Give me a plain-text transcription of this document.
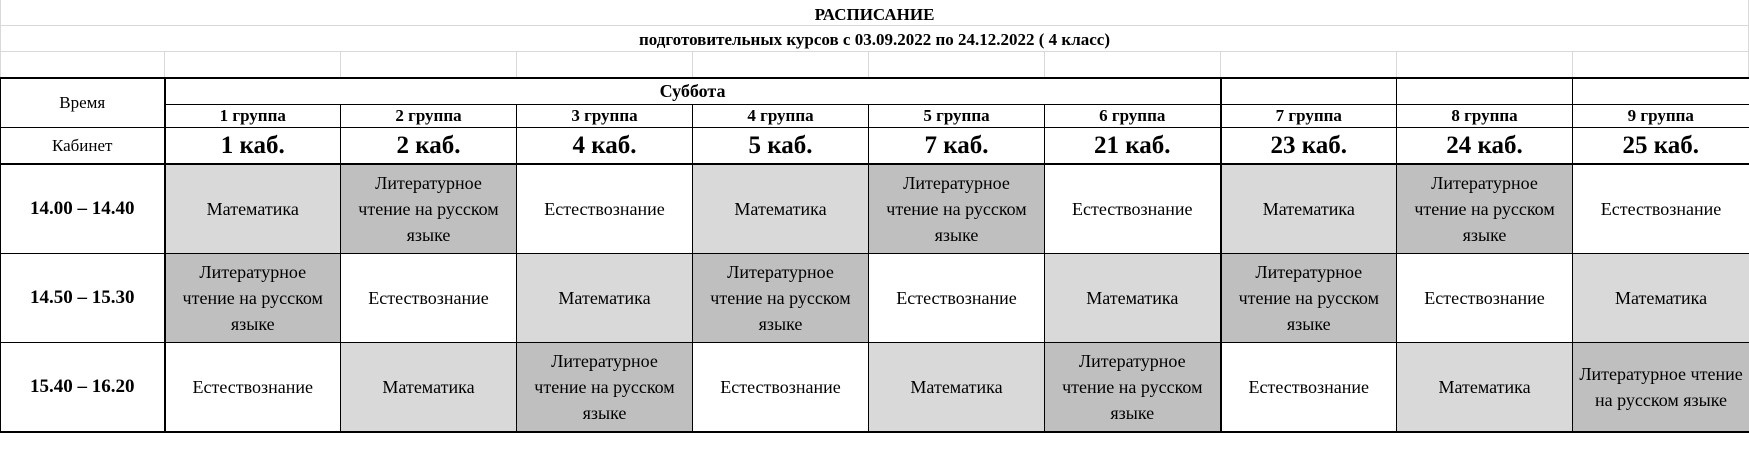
РАСПИСАНИЕ
подготовительных курсов с 03.09.2022 по 24.12.2022 ( 4 класс)
Время	Суббота								
	1 группа	2 группа	3 группа	4 группа	5 группа	6 группа	7 группа	8 группа	9 группа
Кабинет	1 каб.	2 каб.	4 каб.	5 каб.	7 каб.	21 каб.	23 каб.	24 каб.	25 каб.
14.00 – 14.40	Математика	Литературное чтение на русском языке	Естествознание	Математика	Литературное чтение на русском языке	Естествознание	Математика	Литературное чтение на русском языке	Естествознание
14.50 – 15.30	Литературное чтение на русском языке	Естествознание	Математика	Литературное чтение на русском языке	Естествознание	Математика	Литературное чтение на русском языке	Естествознание	Математика
15.40 – 16.20	Естествознание	Математика	Литературное чтение на русском языке	Естествознание	Математика	Литературное чтение на русском языке	Естествознание	Математика	Литературное чтение на русском языке
